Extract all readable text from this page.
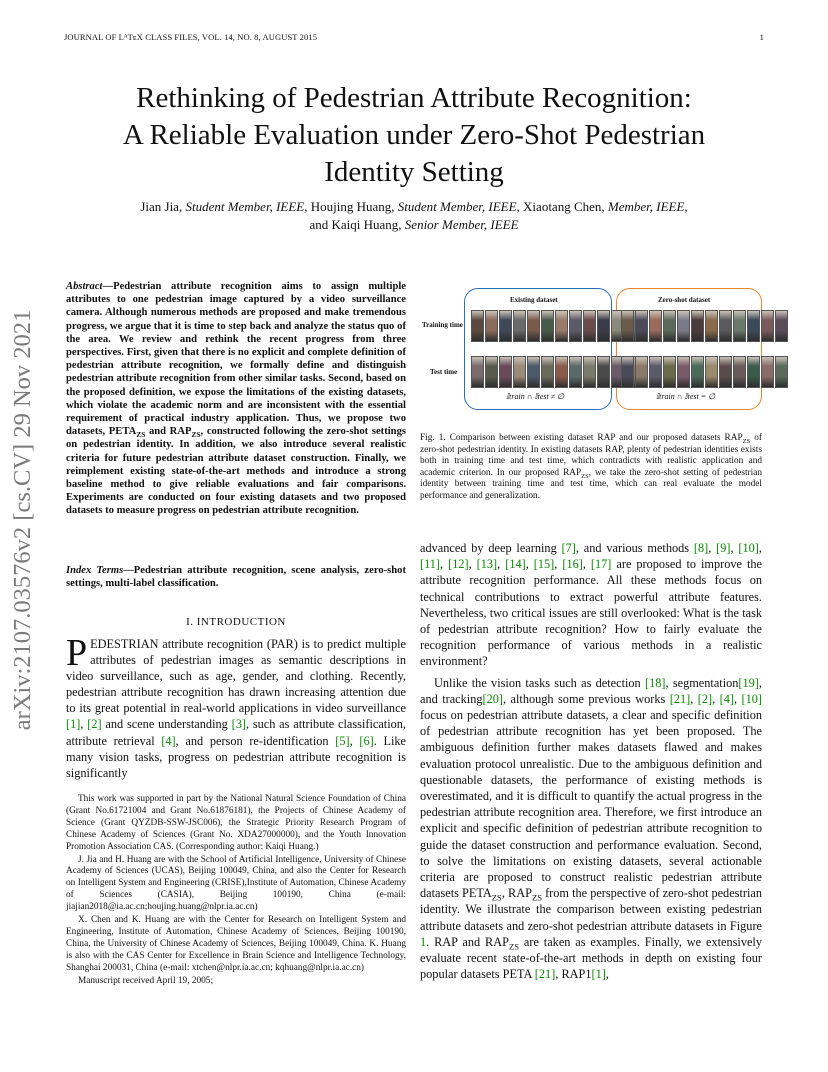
JOURNAL OF LᴬTᴇX CLASS FILES, VOL. 14, NO. 8, AUGUST 2015	1
Rethinking of Pedestrian Attribute Recognition:
A Reliable Evaluation under Zero-Shot Pedestrian
Identity Setting
Jian Jia, Student Member, IEEE, Houjing Huang, Student Member, IEEE, Xiaotang Chen, Member, IEEE,
and Kaiqi Huang, Senior Member, IEEE
arXiv:2107.03576v2 [cs.CV] 29 Nov 2021
Abstract—Pedestrian attribute recognition aims to assign multiple attributes to one pedestrian image captured by a video surveillance camera. Although numerous methods are proposed and make tremendous progress, we argue that it is time to step back and analyze the status quo of the area. We review and rethink the recent progress from three perspectives. First, given that there is no explicit and complete definition of pedestrian attribute recognition, we formally define and distinguish pedestrian attribute recognition from other similar tasks. Second, based on the proposed definition, we expose the limitations of the existing datasets, which violate the academic norm and are inconsistent with the essential requirement of practical industry application. Thus, we propose two datasets, $PETA_{ZS}$ and $RAP_{ZS}$, constructed following the zero-shot settings on pedestrian identity. In addition, we also introduce several realistic criteria for future pedestrian attribute dataset construction. Finally, we reimplement existing state-of-the-art methods and introduce a strong baseline method to give reliable evaluations and fair comparisons. Experiments are conducted on four existing datasets and two proposed datasets to measure progress on pedestrian attribute recognition.
Index Terms—Pedestrian attribute recognition, scene analysis, zero-shot settings, multi-label classification.
I. INTRODUCTION
PEDESTRIAN attribute recognition (PAR) is to predict multiple attributes of pedestrian images as semantic descriptions in video surveillance, such as age, gender, and clothing. Recently, pedestrian attribute recognition has drawn increasing attention due to its great potential in real-world applications in video surveillance [1], [2] and scene understanding [3], such as attribute classification, attribute retrieval [4], and person re-identification [5], [6]. Like many vision tasks, progress on pedestrian attribute recognition is significantly

This work was supported in part by the National Natural Science Foundation of China (Grant No.61721004 and Grant No.61876181), the Projects of Chinese Academy of Science (Grant QYZDB-SSW-JSC006), the Strategic Priority Research Program of Chinese Academy of Sciences (Grant No. XDA27000000), and the Youth Innovation Promotion Association CAS. (Corresponding author: Kaiqi Huang.)

J. Jia and H. Huang are with the School of Artificial Intelligence, University of Chinese Academy of Sciences (UCAS), Beijing 100049, China, and also the Center for Research on Intelligent System and Engineering (CRISE),Institute of Automation, Chinese Academy of Sciences (CASIA), Beijing 100190, China (e-mail: jiajian2018@ia.ac.cn;houjing.huang@nlpr.ia.ac.cn)

X. Chen and K. Huang are with the Center for Research on Intelligent System and Engineering, Institute of Automation, Chinese Academy of Sciences, Beijing 100190, China, the University of Chinese Academy of Sciences, Beijing 100049, China. K. Huang is also with the CAS Center for Excellence in Brain Science and Intelligence Technology, Shanghai 200031, China (e-mail: xtchen@nlpr.ia.ac.cn; kqhuang@nlpr.ia.ac.cn)

Manuscript received April 19, 2005;

Existing dataset	Zero-shot dataset
Training time
Test time
𝕀train ∩ 𝕀test ≠ ∅	𝕀train ∩ 𝕀test = ∅
Fig. 1. Comparison between existing dataset RAP and our proposed datasets $RAP_{ZS}$ of zero-shot pedestrian identity. In existing datasets RAP, plenty of pedestrian identities exists both in training time and test time, which contradicts with realistic application and academic criterion. In our proposed $RAP_{ZS}$, we take the zero-shot setting of pedestrian identity between training time and test time, which can real evaluate the model performance and generalization.

advanced by deep learning [7], and various methods [8], [9], [10], [11], [12], [13], [14], [15], [16], [17] are proposed to improve the attribute recognition performance. All these methods focus on technical contributions to extract powerful attribute features. Nevertheless, two critical issues are still overlooked: What is the task of pedestrian attribute recognition? How to fairly evaluate the recognition performance of various methods in a realistic environment?

Unlike the vision tasks such as detection [18], segmentation[19], and tracking[20], although some previous works [21], [2], [4], [10] focus on pedestrian attribute datasets, a clear and specific definition of pedestrian attribute recognition has yet been proposed. The ambiguous definition further makes datasets flawed and makes evaluation protocol unrealistic. Due to the ambiguous definition and questionable datasets, the performance of existing methods is overestimated, and it is difficult to quantify the actual progress in the pedestrian attribute recognition area. Therefore, we first introduce an explicit and specific definition of pedestrian attribute recognition to guide the dataset construction and performance evaluation. Second, to solve the limitations on existing datasets, several actionable criteria are proposed to construct realistic pedestrian attribute datasets $PETA_{ZS}$, $RAP_{ZS}$ from the perspective of zero-shot pedestrian identity. We illustrate the comparison between existing pedestrian attribute datasets and zero-shot pedestrian attribute datasets in Figure 1. RAP and $RAP_{ZS}$ are taken as examples. Finally, we extensively evaluate recent state-of-the-art methods in depth on existing four popular datasets PETA [21], RAP1[1],
